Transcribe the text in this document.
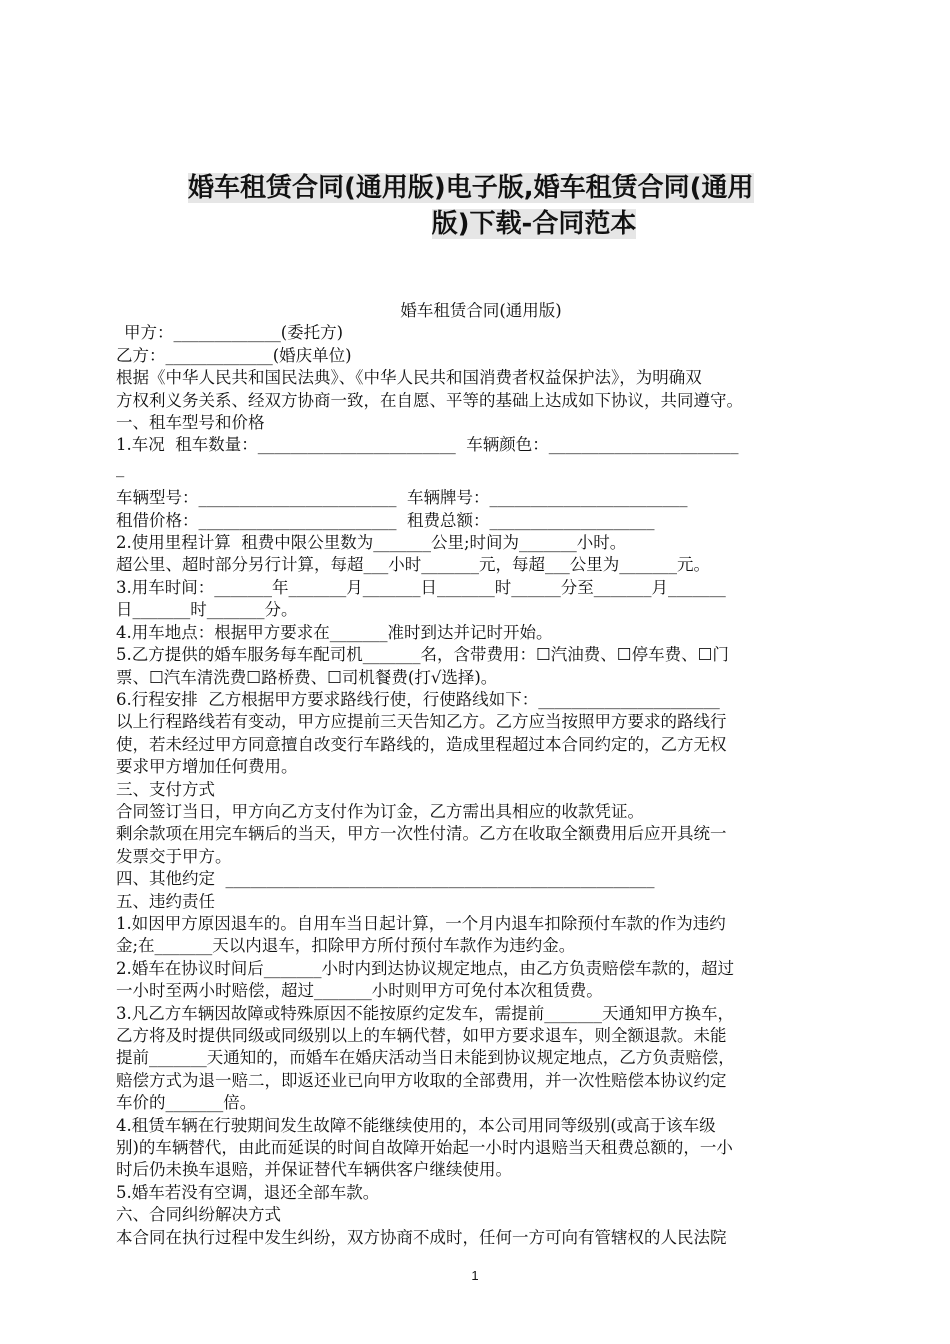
婚车租赁合同(通用版)电子版,婚车租赁合同(通用
版)下载-合同范本

婚车租赁合同(通用版)

甲方：_____________(委托方)

乙方：_____________(婚庆单位)

根据《中华人民共和国民法典》、《中华人民共和国消费者权益保护法》，为明确双

方权利义务关系、经双方协商一致，在自愿、平等的基础上达成如下协议，共同遵守。

一、租车型号和价格

1.车况  租车数量：________________________  车辆颜色：_______________________

_

车辆型号：________________________  车辆牌号：________________________

租借价格：________________________  租费总额：____________________

2.使用里程计算  租费中限公里数为_______公里;时间为_______小时。

超公里、超时部分另行计算，每超___小时_______元，每超___公里为_______元。

3.用车时间：_______年_______月_______日_______时______分至_______月_______

日_______时_______分。

4.用车地点：根据甲方要求在_______准时到达并记时开始。

5.乙方提供的婚车服务每车配司机_______名，含带费用：☐汽油费、☐停车费、☐门

票、☐汽车清洗费☐路桥费、☐司机餐费(打√选择)。

6.行程安排  乙方根据甲方要求路线行使，行使路线如下：______________________

以上行程路线若有变动，甲方应提前三天告知乙方。乙方应当按照甲方要求的路线行

使，若未经过甲方同意擅自改变行车路线的，造成里程超过本合同约定的，乙方无权

要求甲方增加任何费用。

三、支付方式

合同签订当日，甲方向乙方支付作为订金，乙方需出具相应的收款凭证。

剩余款项在用完车辆后的当天，甲方一次性付清。乙方在收取全额费用后应开具统一

发票交于甲方。

四、其他约定  ____________________________________________________

五、违约责任

1.如因甲方原因退车的。自用车当日起计算，一个月内退车扣除预付车款的作为违约

金;在_______天以内退车，扣除甲方所付预付车款作为违约金。

2.婚车在协议时间后_______小时内到达协议规定地点，由乙方负责赔偿车款的，超过

一小时至两小时赔偿，超过_______小时则甲方可免付本次租赁费。

3.凡乙方车辆因故障或特殊原因不能按原约定发车，需提前_______天通知甲方换车，

乙方将及时提供同级或同级别以上的车辆代替，如甲方要求退车，则全额退款。未能

提前_______天通知的，而婚车在婚庆活动当日未能到协议规定地点，乙方负责赔偿，

赔偿方式为退一赔二，即返还业已向甲方收取的全部费用，并一次性赔偿本协议约定

车价的_______倍。

4.租赁车辆在行驶期间发生故障不能继续使用的，本公司用同等级别(或高于该车级

别)的车辆替代，由此而延误的时间自故障开始起一小时内退赔当天租费总额的，一小

时后仍未换车退赔，并保证替代车辆供客户继续使用。

5.婚车若没有空调，退还全部车款。

六、合同纠纷解决方式

本合同在执行过程中发生纠纷，双方协商不成时，任何一方可向有管辖权的人民法院

1
